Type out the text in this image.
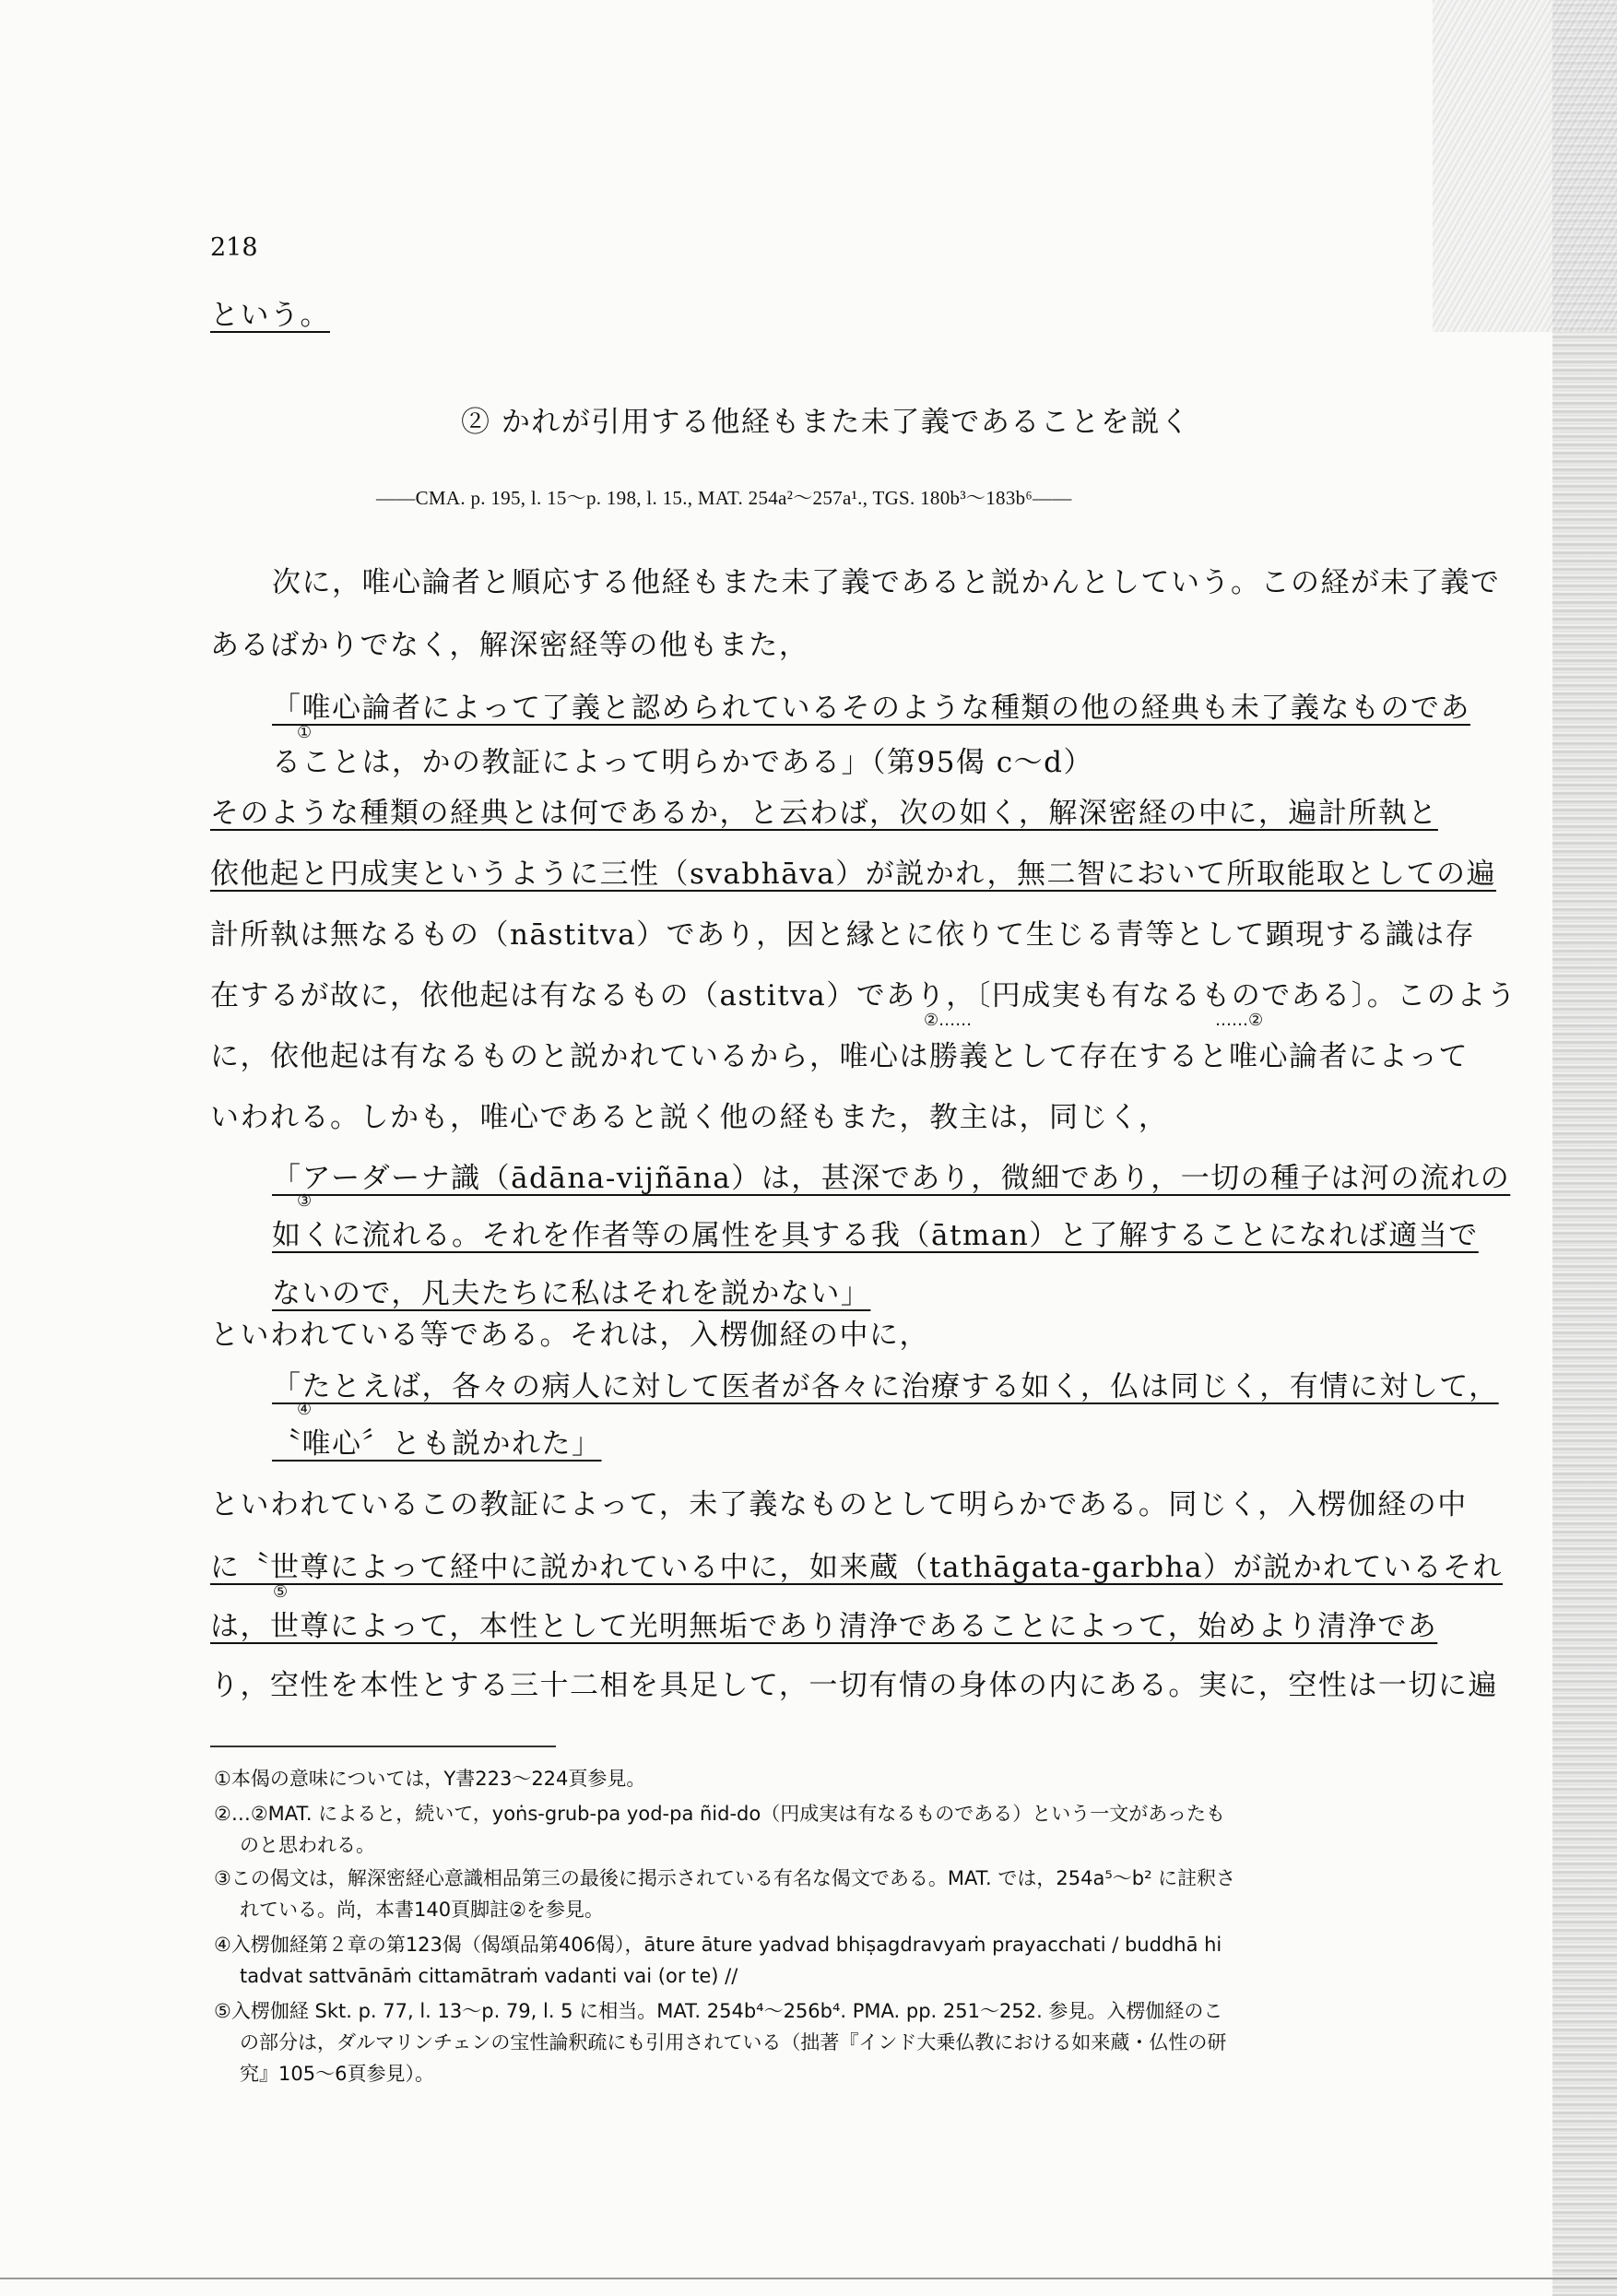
218
という。
② かれが引用する他経もまた未了義であることを説く
——CMA. p. 195, l. 15～p. 198, l. 15., MAT. 254a²～257a¹., TGS. 180b³～183b⁶——
次に，唯心論者と順応する他経もまた未了義であると説かんとしていう。この経が未了義で
あるばかりでなく，解深密経等の他もまた，
「唯心論者によって了義と認められているそのような種類の他の経典も未了義なものであ
①
ることは，かの教証によって明らかである」（第95偈 c～d）
そのような種類の経典とは何であるか，と云わば，次の如く，解深密経の中に，遍計所執と
依他起と円成実というように三性（svabhāva）が説かれ，無二智において所取能取としての遍
計所執は無なるもの（nāstitva）であり，因と縁とに依りて生じる青等として顕現する識は存
在するが故に，依他起は有なるもの（astitva）であり，〔円成実も有なるものである〕。このよう
②……	……②
に，依他起は有なるものと説かれているから，唯心は勝義として存在すると唯心論者によって
いわれる。しかも，唯心であると説く他の経もまた，教主は，同じく，
「アーダーナ識（ādāna-vijñāna）は，甚深であり，微細であり，一切の種子は河の流れの
③
如くに流れる。それを作者等の属性を具する我（ātman）と了解することになれば適当で
ないので，凡夫たちに私はそれを説かない」
といわれている等である。それは，入楞伽経の中に，
「たとえば，各々の病人に対して医者が各々に治療する如く，仏は同じく，有情に対して，
④
〝唯心〞とも説かれた」
といわれているこの教証によって，未了義なものとして明らかである。同じく，入楞伽経の中
に〝世尊によって経中に説かれている中に，如来蔵（tathāgata-garbha）が説かれているそれ
⑤
は，世尊によって，本性として光明無垢であり清浄であることによって，始めより清浄であ
り，空性を本性とする三十二相を具足して，一切有情の身体の内にある。実に，空性は一切に遍
①本偈の意味については，Y書223～224頁参見。
②…②MAT. によると，続いて，yoṅs-grub-pa yod-pa ñid-do（円成実は有なるものである）という一文があったも
のと思われる。
③この偈文は，解深密経心意識相品第三の最後に掲示されている有名な偈文である。MAT. では，254a⁵～b² に註釈さ
れている。尚，本書140頁脚註②を参見。
④入楞伽経第２章の第123偈（偈頌品第406偈），āture āture yadvad bhiṣagdravyaṁ prayacchati / buddhā hi
tadvat sattvānāṁ cittamātraṁ vadanti vai (or te) //
⑤入楞伽経 Skt. p. 77, l. 13～p. 79, l. 5 に相当。MAT. 254b⁴～256b⁴. PMA. pp. 251～252. 参見。入楞伽経のこ
の部分は，ダルマリンチェンの宝性論釈疏にも引用されている（拙著『インド大乗仏教における如来蔵・仏性の研
究』105～6頁参見）。
